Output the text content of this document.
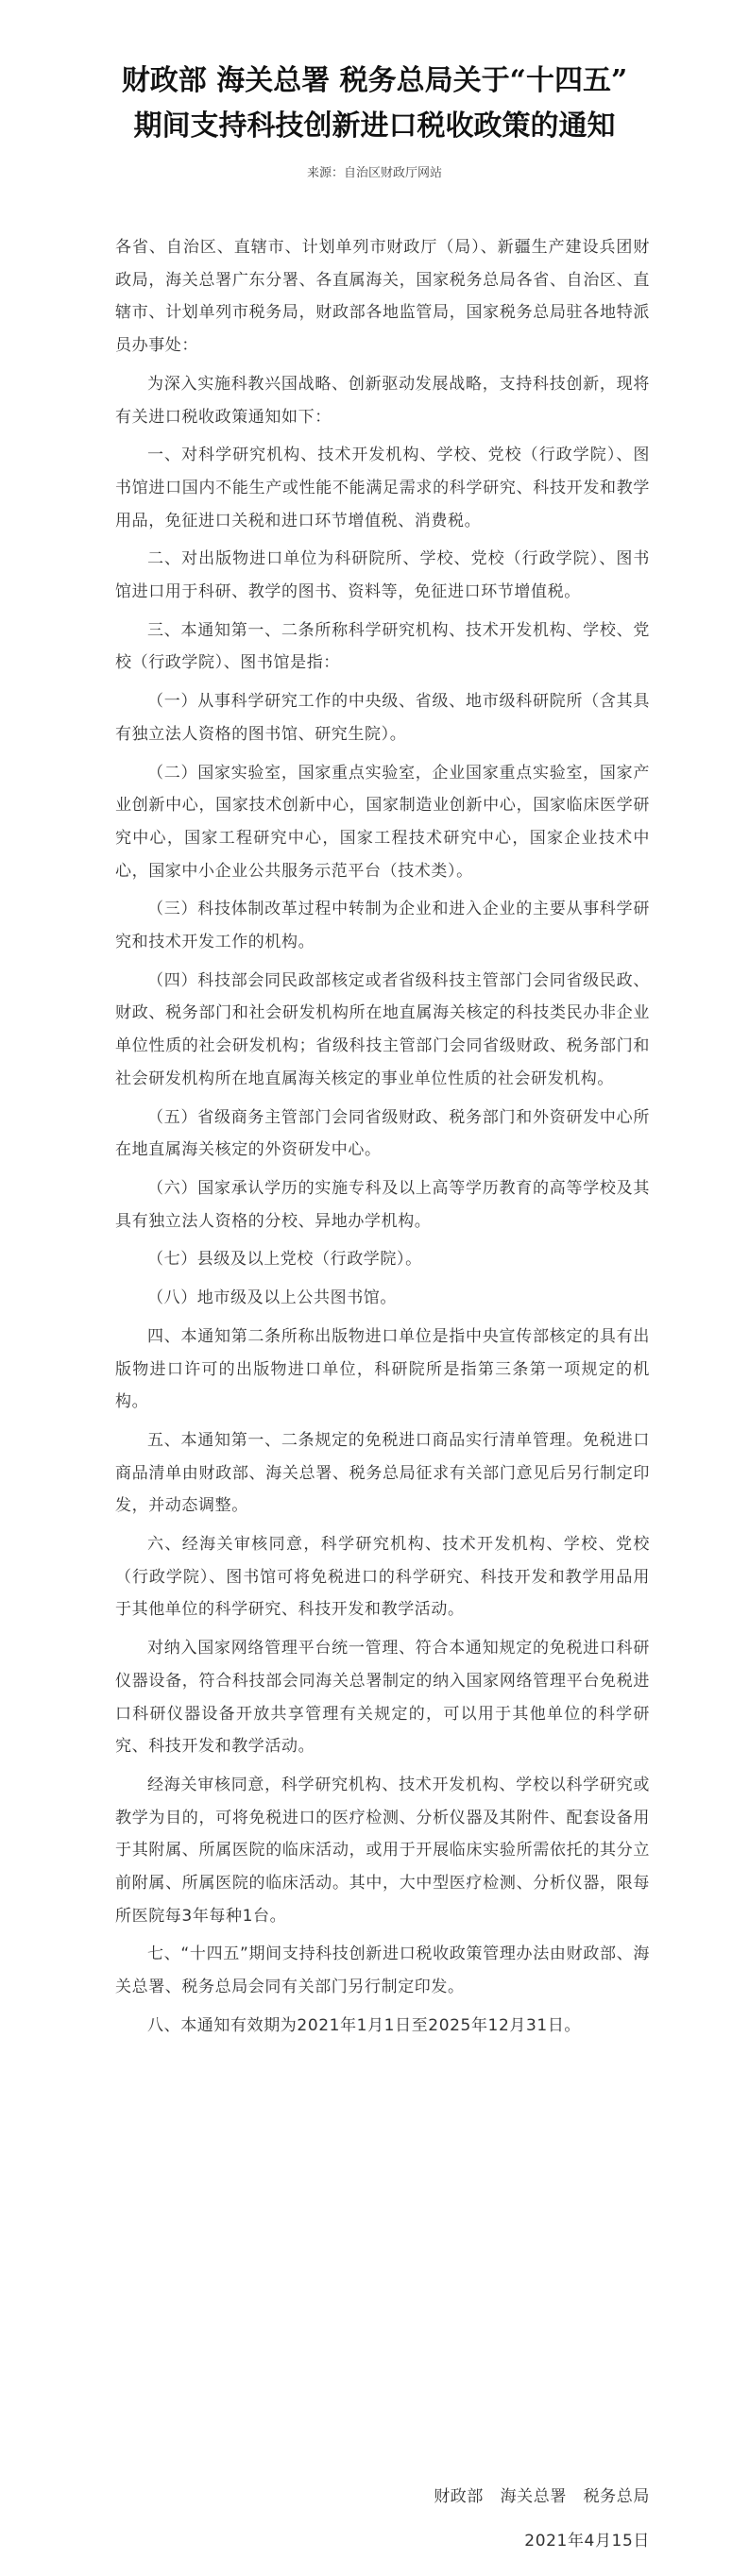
财政部 海关总署 税务总局关于“十四五”
期间支持科技创新进口税收政策的通知
来源：自治区财政厅网站

各省、自治区、直辖市、计划单列市财政厅（局）、新疆生产建设兵团财政局，海关总署广东分署、各直属海关，国家税务总局各省、自治区、直辖市、计划单列市税务局，财政部各地监管局，国家税务总局驻各地特派员办事处：

为深入实施科教兴国战略、创新驱动发展战略，支持科技创新，现将有关进口税收政策通知如下：

一、对科学研究机构、技术开发机构、学校、党校（行政学院）、图书馆进口国内不能生产或性能不能满足需求的科学研究、科技开发和教学用品，免征进口关税和进口环节增值税、消费税。

二、对出版物进口单位为科研院所、学校、党校（行政学院）、图书馆进口用于科研、教学的图书、资料等，免征进口环节增值税。

三、本通知第一、二条所称科学研究机构、技术开发机构、学校、党校（行政学院）、图书馆是指：

（一）从事科学研究工作的中央级、省级、地市级科研院所（含其具有独立法人资格的图书馆、研究生院）。

（二）国家实验室，国家重点实验室，企业国家重点实验室，国家产业创新中心，国家技术创新中心，国家制造业创新中心，国家临床医学研究中心，国家工程研究中心，国家工程技术研究中心，国家企业技术中心，国家中小企业公共服务示范平台（技术类）。

（三）科技体制改革过程中转制为企业和进入企业的主要从事科学研究和技术开发工作的机构。

（四）科技部会同民政部核定或者省级科技主管部门会同省级民政、财政、税务部门和社会研发机构所在地直属海关核定的科技类民办非企业单位性质的社会研发机构；省级科技主管部门会同省级财政、税务部门和社会研发机构所在地直属海关核定的事业单位性质的社会研发机构。

（五）省级商务主管部门会同省级财政、税务部门和外资研发中心所在地直属海关核定的外资研发中心。

（六）国家承认学历的实施专科及以上高等学历教育的高等学校及其具有独立法人资格的分校、异地办学机构。

（七）县级及以上党校（行政学院）。

（八）地市级及以上公共图书馆。

四、本通知第二条所称出版物进口单位是指中央宣传部核定的具有出版物进口许可的出版物进口单位，科研院所是指第三条第一项规定的机构。

五、本通知第一、二条规定的免税进口商品实行清单管理。免税进口商品清单由财政部、海关总署、税务总局征求有关部门意见后另行制定印发，并动态调整。

六、经海关审核同意，科学研究机构、技术开发机构、学校、党校（行政学院）、图书馆可将免税进口的科学研究、科技开发和教学用品用于其他单位的科学研究、科技开发和教学活动。

对纳入国家网络管理平台统一管理、符合本通知规定的免税进口科研仪器设备，符合科技部会同海关总署制定的纳入国家网络管理平台免税进口科研仪器设备开放共享管理有关规定的，可以用于其他单位的科学研究、科技开发和教学活动。

经海关审核同意，科学研究机构、技术开发机构、学校以科学研究或教学为目的，可将免税进口的医疗检测、分析仪器及其附件、配套设备用于其附属、所属医院的临床活动，或用于开展临床实验所需依托的其分立前附属、所属医院的临床活动。其中，大中型医疗检测、分析仪器，限每所医院每3年每种1台。

七、“十四五”期间支持科技创新进口税收政策管理办法由财政部、海关总署、税务总局会同有关部门另行制定印发。

八、本通知有效期为2021年1月1日至2025年12月31日。

财政部　海关总署　税务总局
2021年4月15日
